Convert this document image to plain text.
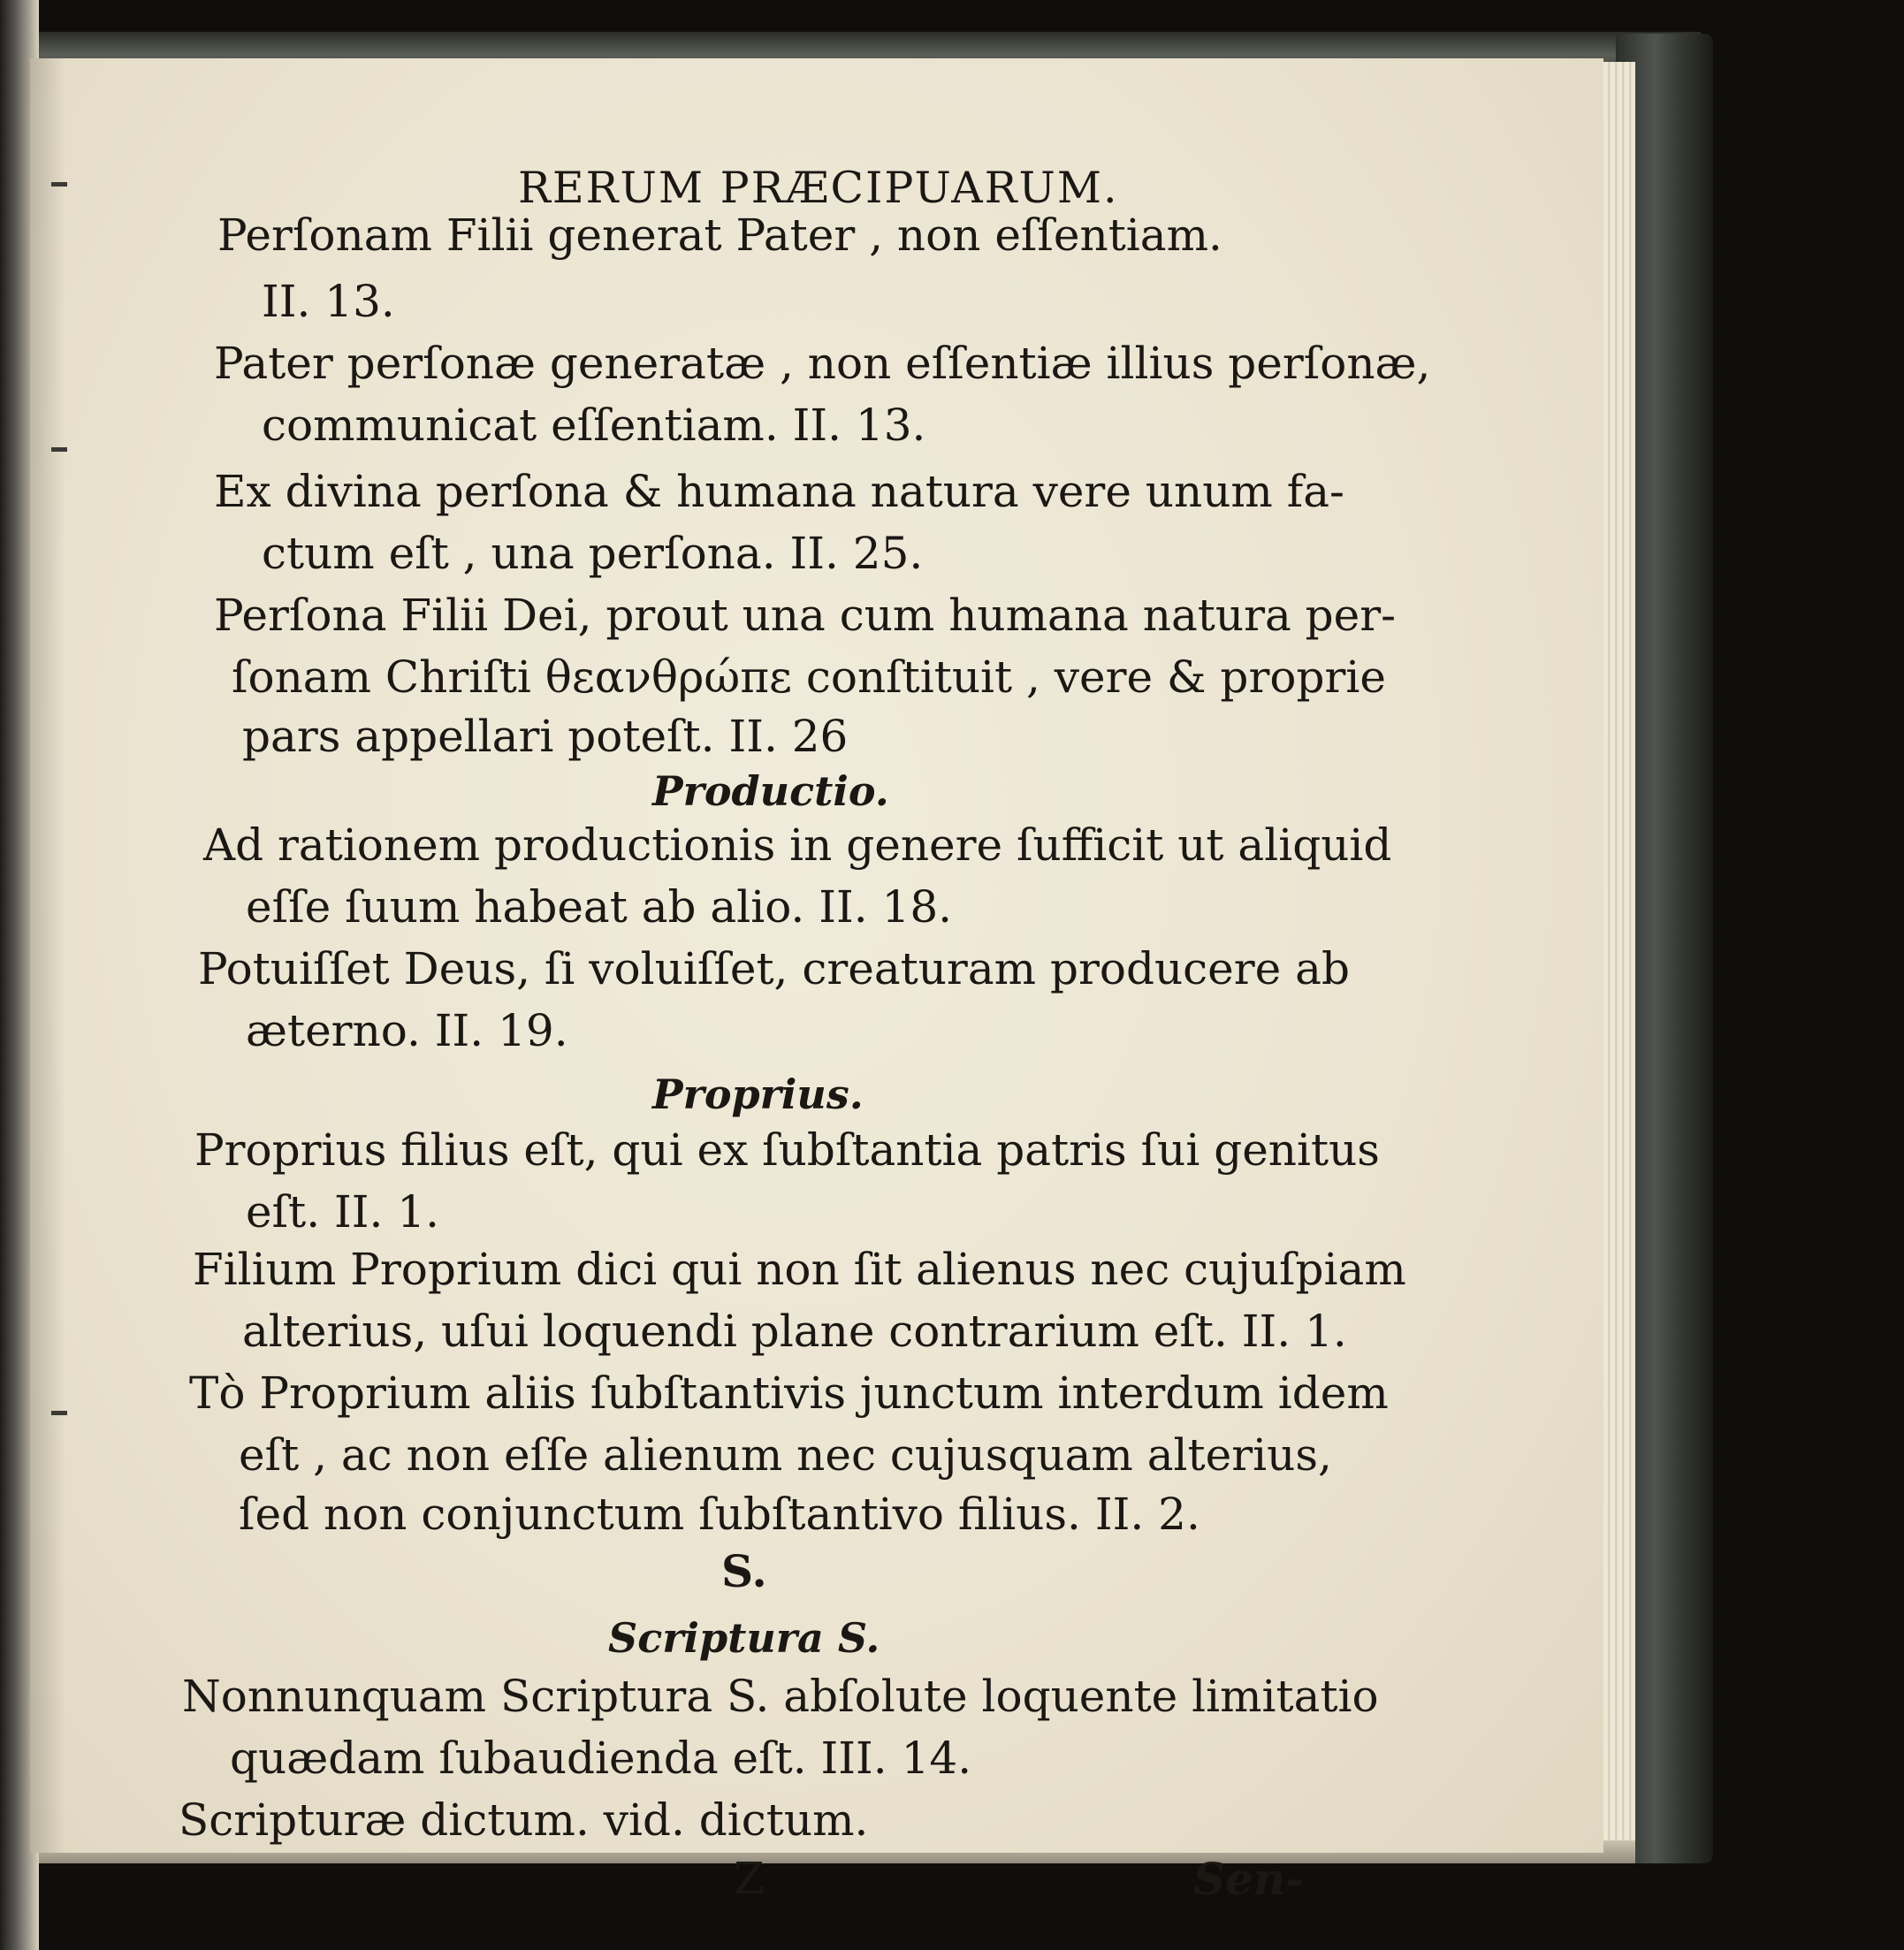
RERUM PRÆCIPUARUM.
Perſonam Filii generat Pater , non eſſentiam.
II. 13.
Pater perſonæ generatæ , non eſſentiæ illius perſonæ,
communicat eſſentiam. II. 13.
Ex divina perſona & humana natura vere unum fa-
ctum eſt , una perſona. II. 25.
Perſona Filii Dei, prout una cum humana natura per-
ſonam Chriſti θεανθρώπε conſtituit , vere & proprie
pars appellari poteſt. II. 26
Productio.
Ad rationem productionis in genere ſufficit ut aliquid
eſſe ſuum habeat ab alio. II. 18.
Potuiſſet Deus, ſi voluiſſet, creaturam producere ab
æterno. II. 19.
Proprius.
Proprius filius eſt, qui ex ſubſtantia patris ſui genitus
eſt. II. 1.
Filium Proprium dici qui non ſit alienus nec cujuſpiam
alterius, uſui loquendi plane contrarium eſt. II. 1.
Tὸ Proprium aliis ſubſtantivis junctum interdum idem
eſt , ac non eſſe alienum nec cujusquam alterius,
ſed non conjunctum ſubſtantivo filius. II. 2.
S.
Scriptura S.
Nonnunquam Scriptura S. abſolute loquente limitatio
quædam ſubaudienda eſt. III. 14.
Scripturæ dictum. vid. dictum.
Z	Sen-
